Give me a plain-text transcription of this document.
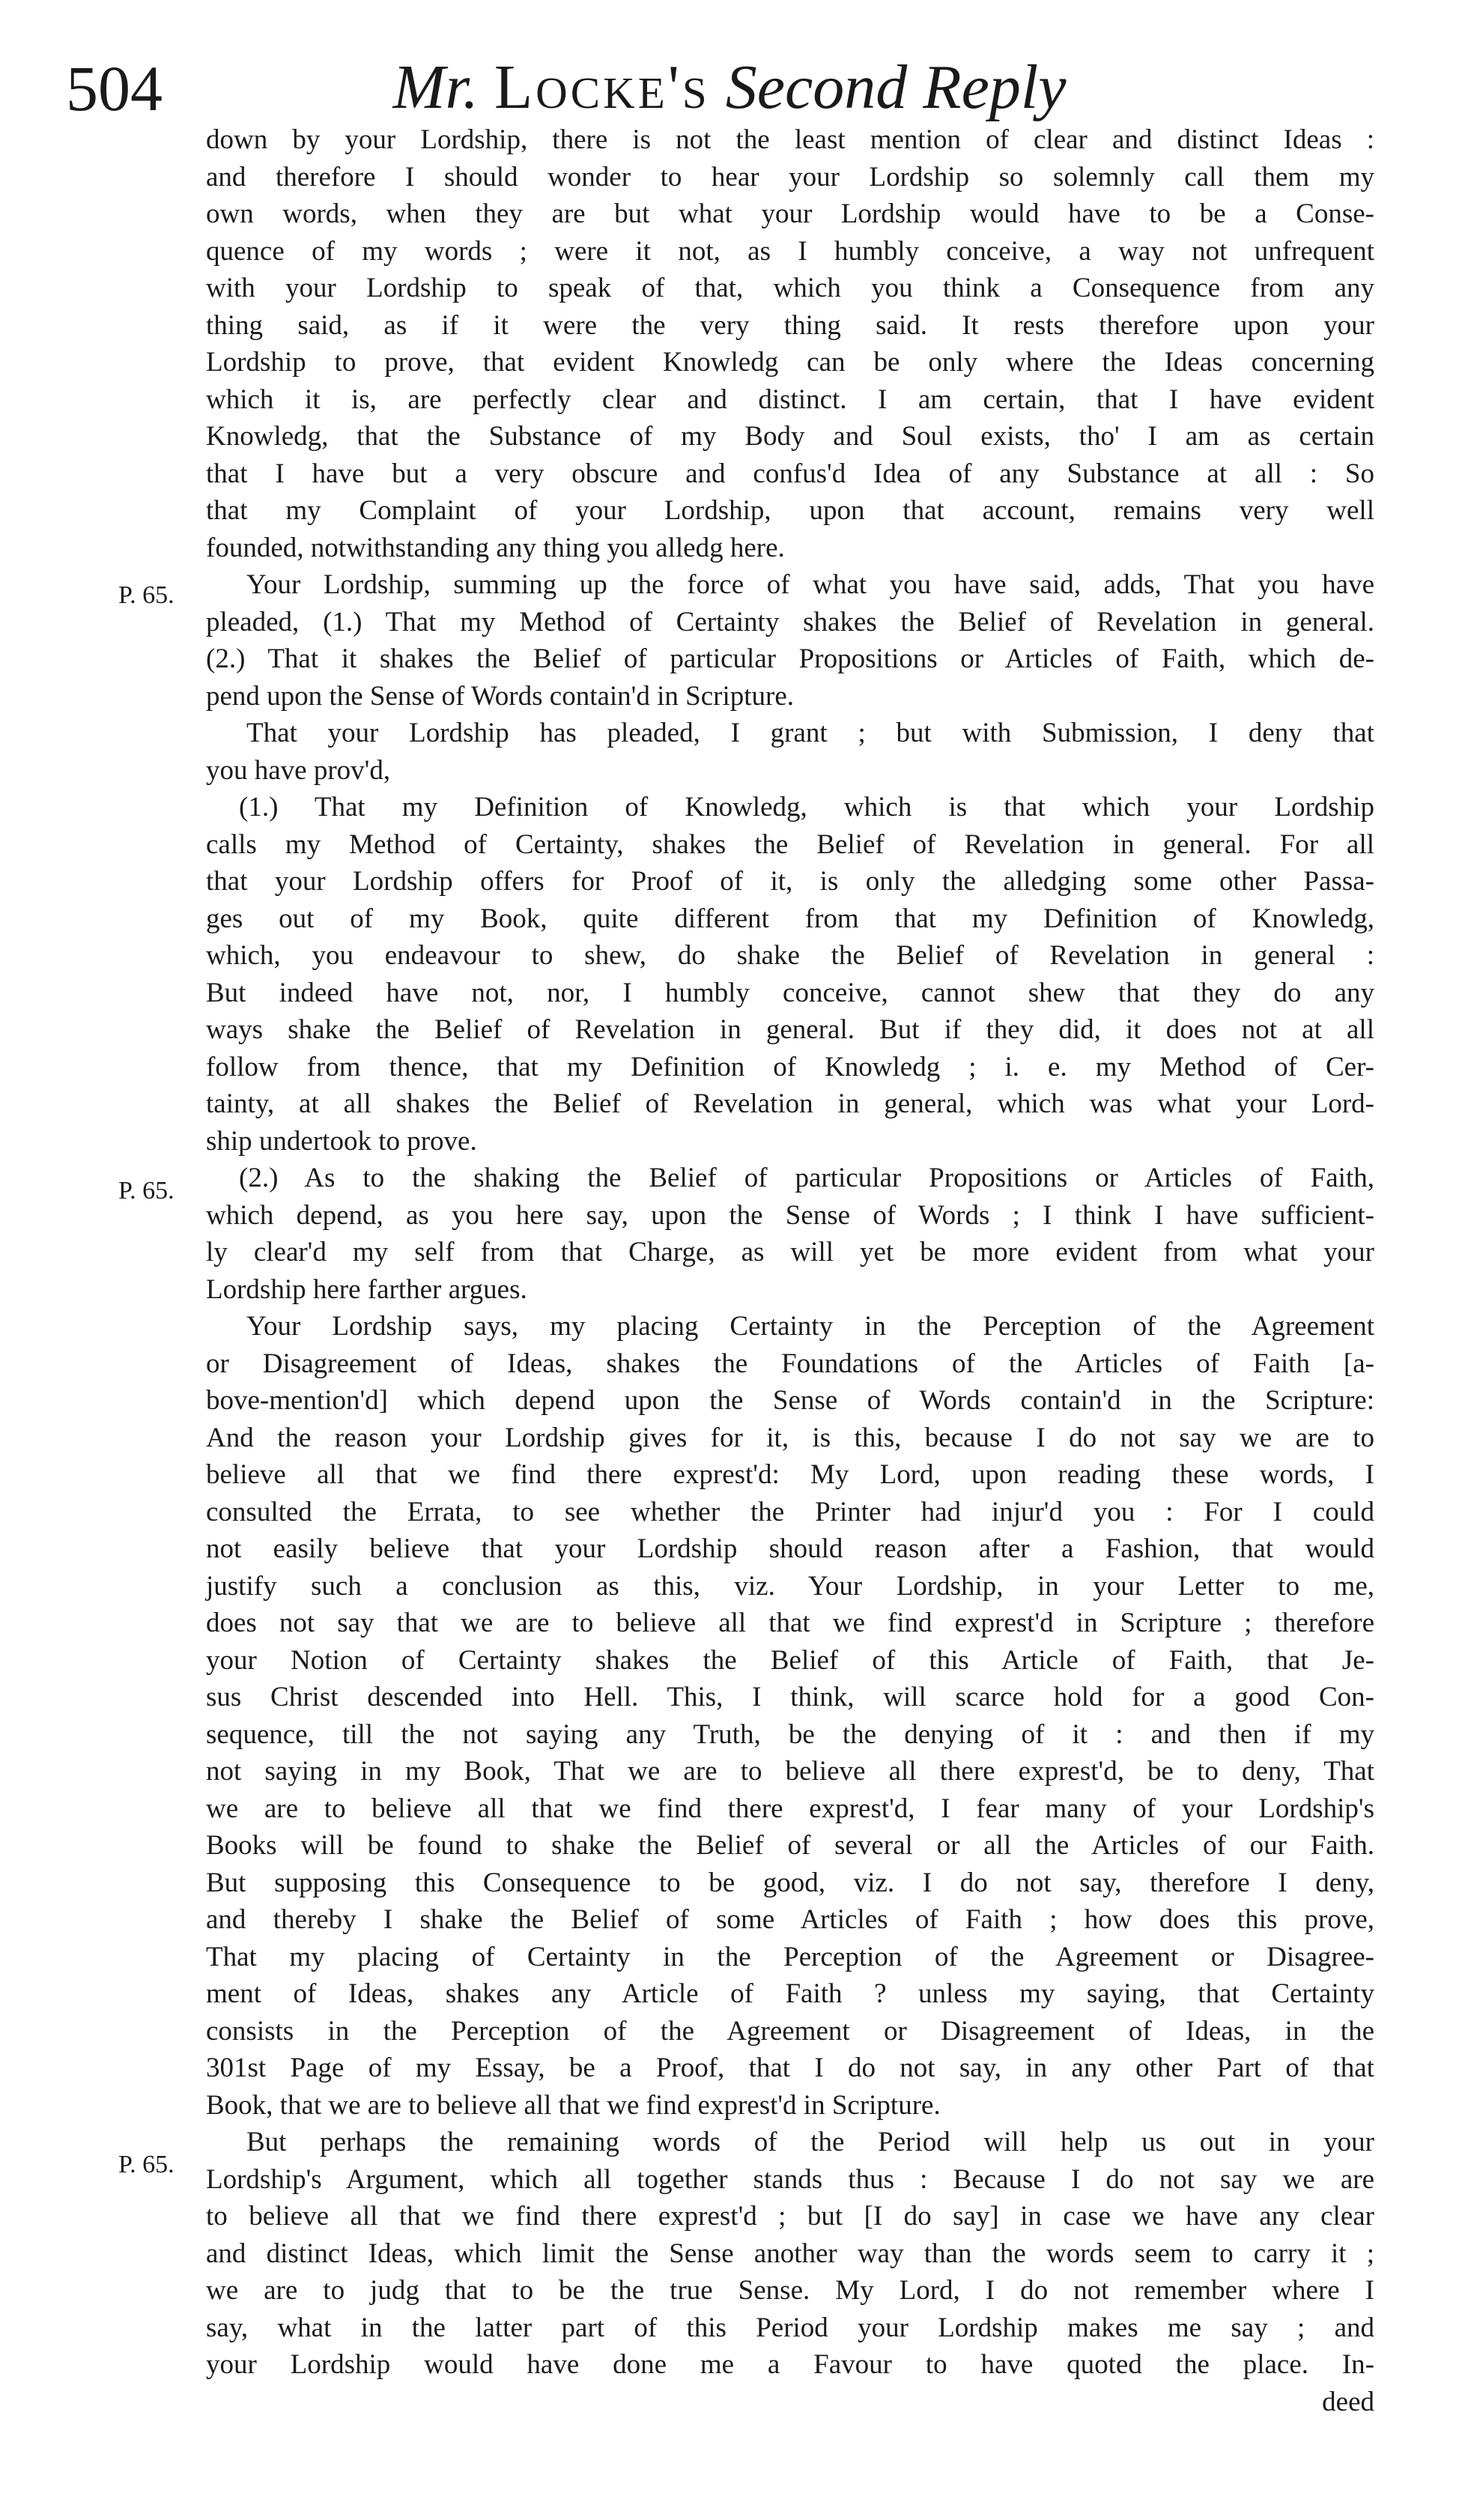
504	Mr. Locke's Second Reply
P. 65.
P. 65.
P. 65.
down by your Lordship, there is not the least mention of clear and distinct Ideas :
and therefore I should wonder to hear your Lordship so solemnly call them my
own words, when they are but what your Lordship would have to be a Conse-
quence of my words ; were it not, as I humbly conceive, a way not unfrequent
with your Lordship to speak of that, which you think a Consequence from any
thing said, as if it were the very thing said. It rests therefore upon your
Lordship to prove, that evident Knowledg can be only where the Ideas concerning
which it is, are perfectly clear and distinct. I am certain, that I have evident
Knowledg, that the Substance of my Body and Soul exists, tho' I am as certain
that I have but a very obscure and confus'd Idea of any Substance at all : So
that my Complaint of your Lordship, upon that account, remains very well
founded, notwithstanding any thing you alledg here.
Your Lordship, summing up the force of what you have said, adds, That you have
pleaded, (1.) That my Method of Certainty shakes the Belief of Revelation in general.
(2.) That it shakes the Belief of particular Propositions or Articles of Faith, which de-
pend upon the Sense of Words contain'd in Scripture.
That your Lordship has pleaded, I grant ; but with Submission, I deny that
you have prov'd,
(1.) That my Definition of Knowledg, which is that which your Lordship
calls my Method of Certainty, shakes the Belief of Revelation in general. For all
that your Lordship offers for Proof of it, is only the alledging some other Passa-
ges out of my Book, quite different from that my Definition of Knowledg,
which, you endeavour to shew, do shake the Belief of Revelation in general :
But indeed have not, nor, I humbly conceive, cannot shew that they do any
ways shake the Belief of Revelation in general. But if they did, it does not at all
follow from thence, that my Definition of Knowledg ; i. e. my Method of Cer-
tainty, at all shakes the Belief of Revelation in general, which was what your Lord-
ship undertook to prove.
(2.) As to the shaking the Belief of particular Propositions or Articles of Faith,
which depend, as you here say, upon the Sense of Words ; I think I have sufficient-
ly clear'd my self from that Charge, as will yet be more evident from what your
Lordship here farther argues.
Your Lordship says, my placing Certainty in the Perception of the Agreement
or Disagreement of Ideas, shakes the Foundations of the Articles of Faith [a-
bove-mention'd] which depend upon the Sense of Words contain'd in the Scripture:
And the reason your Lordship gives for it, is this, because I do not say we are to
believe all that we find there exprest'd: My Lord, upon reading these words, I
consulted the Errata, to see whether the Printer had injur'd you : For I could
not easily believe that your Lordship should reason after a Fashion, that would
justify such a conclusion as this, viz. Your Lordship, in your Letter to me,
does not say that we are to believe all that we find exprest'd in Scripture ; therefore
your Notion of Certainty shakes the Belief of this Article of Faith, that Je-
sus Christ descended into Hell. This, I think, will scarce hold for a good Con-
sequence, till the not saying any Truth, be the denying of it : and then if my
not saying in my Book, That we are to believe all there exprest'd, be to deny, That
we are to believe all that we find there exprest'd, I fear many of your Lordship's
Books will be found to shake the Belief of several or all the Articles of our Faith.
But supposing this Consequence to be good, viz. I do not say, therefore I deny,
and thereby I shake the Belief of some Articles of Faith ; how does this prove,
That my placing of Certainty in the Perception of the Agreement or Disagree-
ment of Ideas, shakes any Article of Faith ? unless my saying, that Certainty
consists in the Perception of the Agreement or Disagreement of Ideas, in the
301st Page of my Essay, be a Proof, that I do not say, in any other Part of that
Book, that we are to believe all that we find exprest'd in Scripture.
But perhaps the remaining words of the Period will help us out in your
Lordship's Argument, which all together stands thus : Because I do not say we are
to believe all that we find there exprest'd ; but [I do say] in case we have any clear
and distinct Ideas, which limit the Sense another way than the words seem to carry it ;
we are to judg that to be the true Sense. My Lord, I do not remember where I
say, what in the latter part of this Period your Lordship makes me say ; and
your Lordship would have done me a Favour to have quoted the place. In-
deed
